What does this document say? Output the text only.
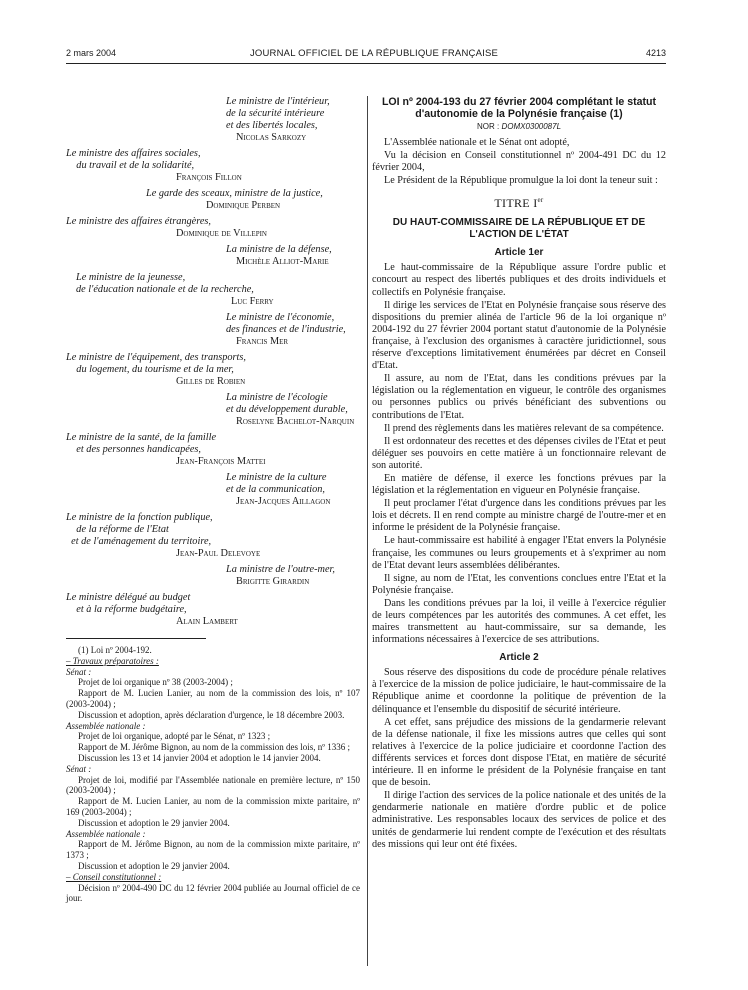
2 mars 2004	JOURNAL OFFICIEL DE LA RÉPUBLIQUE FRANÇAISE	4213
Le ministre de l'intérieur,
de la sécurité intérieure
et des libertés locales,
Nicolas Sarkozy
Le ministre des affaires sociales,
du travail et de la solidarité,
François Fillon
Le garde des sceaux, ministre de la justice,
Dominique Perben
Le ministre des affaires étrangères,
Dominique de Villepin
La ministre de la défense,
Michèle Alliot-Marie
Le ministre de la jeunesse,
de l'éducation nationale et de la recherche,
Luc Ferry
Le ministre de l'économie,
des finances et de l'industrie,
Francis Mer
Le ministre de l'équipement, des transports,
du logement, du tourisme et de la mer,
Gilles de Robien
La ministre de l'écologie
et du développement durable,
Roselyne Bachelot-Narquin
Le ministre de la santé, de la famille
et des personnes handicapées,
Jean-François Mattei
Le ministre de la culture
et de la communication,
Jean-Jacques Aillagon
Le ministre de la fonction publique,
de la réforme de l'Etat
et de l'aménagement du territoire,
Jean-Paul Delevoye
La ministre de l'outre-mer,
Brigitte Girardin
Le ministre délégué au budget
et à la réforme budgétaire,
Alain Lambert
(1) Loi nº 2004-192.
– Travaux préparatoires :
Sénat :
Projet de loi organique nº 38 (2003-2004) ;
Rapport de M. Lucien Lanier, au nom de la commission des lois, nº 107 (2003-2004) ;
Discussion et adoption, après déclaration d'urgence, le 18 décembre 2003.
Assemblée nationale :
Projet de loi organique, adopté par le Sénat, nº 1323 ;
Rapport de M. Jérôme Bignon, au nom de la commission des lois, nº 1336 ;
Discussion les 13 et 14 janvier 2004 et adoption le 14 janvier 2004.
Sénat :
Projet de loi, modifié par l'Assemblée nationale en première lecture, nº 150 (2003-2004) ;
Rapport de M. Lucien Lanier, au nom de la commission mixte paritaire, nº 169 (2003-2004) ;
Discussion et adoption le 29 janvier 2004.
Assemblée nationale :
Rapport de M. Jérôme Bignon, au nom de la commission mixte paritaire, nº 1373 ;
Discussion et adoption le 29 janvier 2004.
– Conseil constitutionnel :
Décision nº 2004-490 DC du 12 février 2004 publiée au Journal officiel de ce jour.
LOI nº 2004-193 du 27 février 2004 complétant le statut d'autonomie de la Polynésie française (1)
NOR : DOMX0300087L

L'Assemblée nationale et le Sénat ont adopté,

Vu la décision en Conseil constitutionnel nº 2004-491 DC du 12 février 2004,

Le Président de la République promulgue la loi dont la teneur suit :

TITRE Ier
DU HAUT-COMMISSAIRE DE LA RÉPUBLIQUE ET DE L'ACTION DE L'ÉTAT
Article 1er

Le haut-commissaire de la République assure l'ordre public et concourt au respect des libertés publiques et des droits individuels et collectifs en Polynésie française.

Il dirige les services de l'Etat en Polynésie française sous réserve des dispositions du premier alinéa de l'article 96 de la loi organique nº 2004-192 du 27 février 2004 portant statut d'autonomie de la Polynésie française, à l'exclusion des organismes à caractère juridictionnel, sous réserve d'exceptions limitativement énumérées par décret en Conseil d'Etat.

Il assure, au nom de l'Etat, dans les conditions prévues par la législation ou la réglementation en vigueur, le contrôle des organismes ou personnes publics ou privés bénéficiant des subventions ou contributions de l'Etat.

Il prend des règlements dans les matières relevant de sa compétence.

Il est ordonnateur des recettes et des dépenses civiles de l'Etat et peut déléguer ses pouvoirs en cette matière à un fonctionnaire relevant de son autorité.

En matière de défense, il exerce les fonctions prévues par la législation et la réglementation en vigueur en Polynésie française.

Il peut proclamer l'état d'urgence dans les conditions prévues par les lois et décrets. Il en rend compte au ministre chargé de l'outre-mer et en informe le président de la Polynésie française.

Le haut-commissaire est habilité à engager l'Etat envers la Polynésie française, les communes ou leurs groupements et à s'exprimer au nom de l'Etat devant leurs assemblées délibérantes.

Il signe, au nom de l'Etat, les conventions conclues entre l'Etat et la Polynésie française.

Dans les conditions prévues par la loi, il veille à l'exercice régulier de leurs compétences par les autorités des communes. A cet effet, les maires transmettent au haut-commissaire, sur sa demande, les informations nécessaires à l'exercice de ses attributions.

Article 2

Sous réserve des dispositions du code de procédure pénale relatives à l'exercice de la mission de police judiciaire, le haut-commissaire de la République anime et coordonne la politique de prévention de la délinquance et l'ensemble du dispositif de sécurité intérieure.

A cet effet, sans préjudice des missions de la gendarmerie relevant de la défense nationale, il fixe les missions autres que celles qui sont relatives à l'exercice de la police judiciaire et coordonne l'action des différents services et forces dont dispose l'Etat, en matière de sécurité intérieure. Il en informe le président de la Polynésie française en tant que de besoin.

Il dirige l'action des services de la police nationale et des unités de la gendarmerie nationale en matière d'ordre public et de police administrative. Les responsables locaux des services de police et des unités de gendarmerie lui rendent compte de l'exécution et des résultats des missions qui leur ont été fixées.
